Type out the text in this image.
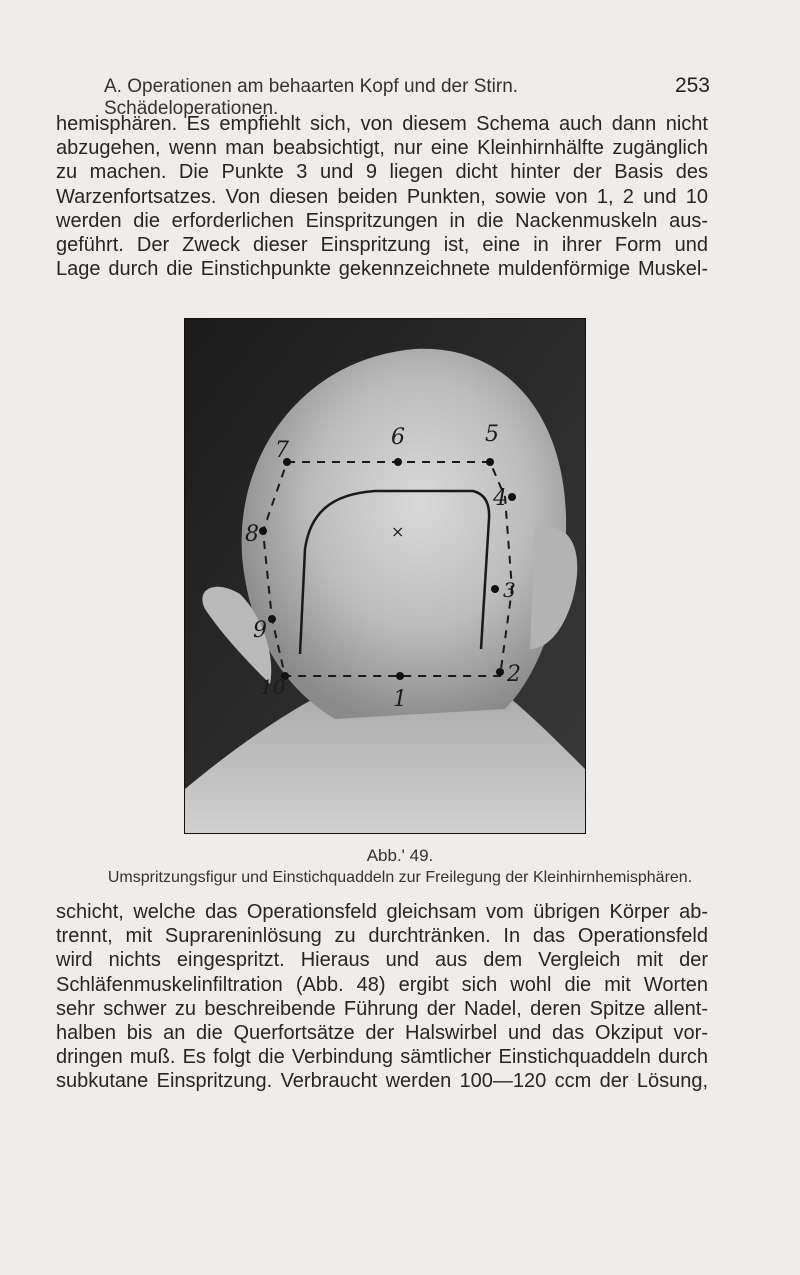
A. Operationen am behaarten Kopf und der Stirn. Schädeloperationen.
253
hemisphären. Es empfiehlt sich, von diesem Schema auch dann nicht
abzugehen, wenn man beabsichtigt, nur eine Kleinhirnhälfte zugänglich
zu machen. Die Punkte 3 und 9 liegen dicht hinter der Basis des
Warzenfortsatzes. Von diesen beiden Punkten, sowie von 1, 2 und 10
werden die erforderlichen Einspritzungen in die Nackenmuskeln aus-
geführt. Der Zweck dieser Einspritzung ist, eine in ihrer Form und
Lage durch die Einstichpunkte gekennzeichnete muldenförmige Muskel-
7
6	5
4
3
2
1
10
9
8	×
Abb.' 49.
Umspritzungsfigur und Einstichquaddeln zur Freilegung der Kleinhirnhemisphären.
schicht, welche das Operationsfeld gleichsam vom übrigen Körper ab-
trennt, mit Suprareninlösung zu durchtränken. In das Operationsfeld
wird nichts eingespritzt. Hieraus und aus dem Vergleich mit der
Schläfenmuskelinfiltration (Abb. 48) ergibt sich wohl die mit Worten
sehr schwer zu beschreibende Führung der Nadel, deren Spitze allent-
halben bis an die Querfortsätze der Halswirbel und das Okziput vor-
dringen muß. Es folgt die Verbindung sämtlicher Einstichquaddeln durch
subkutane Einspritzung. Verbraucht werden 100—120 ccm der Lösung,
